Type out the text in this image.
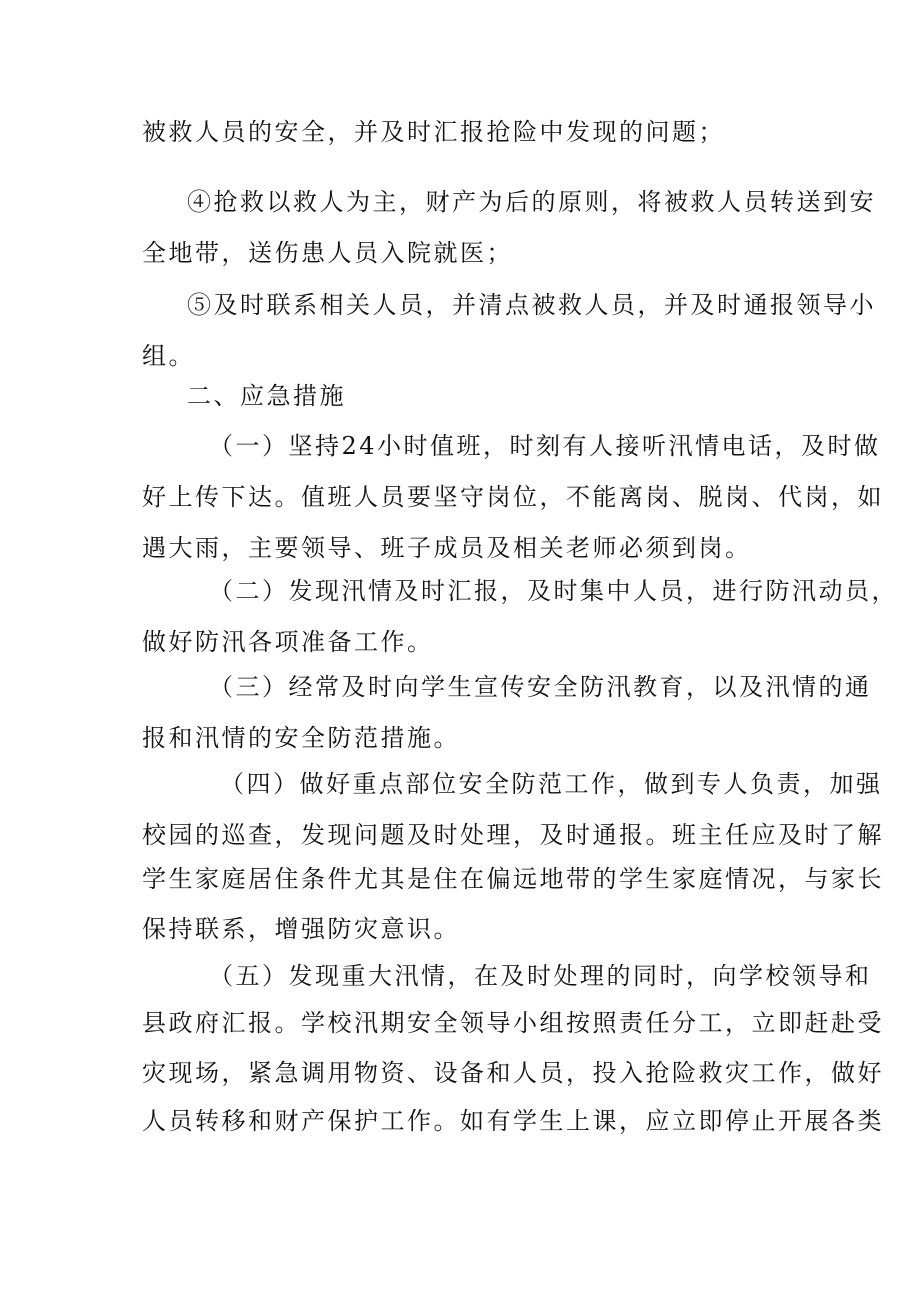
被救人员的安全，并及时汇报抢险中发现的问题；
④抢救以救人为主，财产为后的原则，将被救人员转送到安
全地带，送伤患人员入院就医；
⑤及时联系相关人员，并清点被救人员，并及时通报领导小
组。
二、应急措施
（一）坚持24小时值班，时刻有人接听汛情电话，及时做
好上传下达。值班人员要坚守岗位，不能离岗、脱岗、代岗，如
遇大雨，主要领导、班子成员及相关老师必须到岗。
（二）发现汛情及时汇报，及时集中人员，进行防汛动员，
做好防汛各项准备工作。
（三）经常及时向学生宣传安全防汛教育，以及汛情的通
报和汛情的安全防范措施。
（四）做好重点部位安全防范工作，做到专人负责，加强
校园的巡查，发现问题及时处理，及时通报。班主任应及时了解
学生家庭居住条件尤其是住在偏远地带的学生家庭情况，与家长
保持联系，增强防灾意识。
（五）发现重大汛情，在及时处理的同时，向学校领导和
县政府汇报。学校汛期安全领导小组按照责任分工，立即赶赴受
灾现场，紧急调用物资、设备和人员，投入抢险救灾工作，做好
人员转移和财产保护工作。如有学生上课，应立即停止开展各类
